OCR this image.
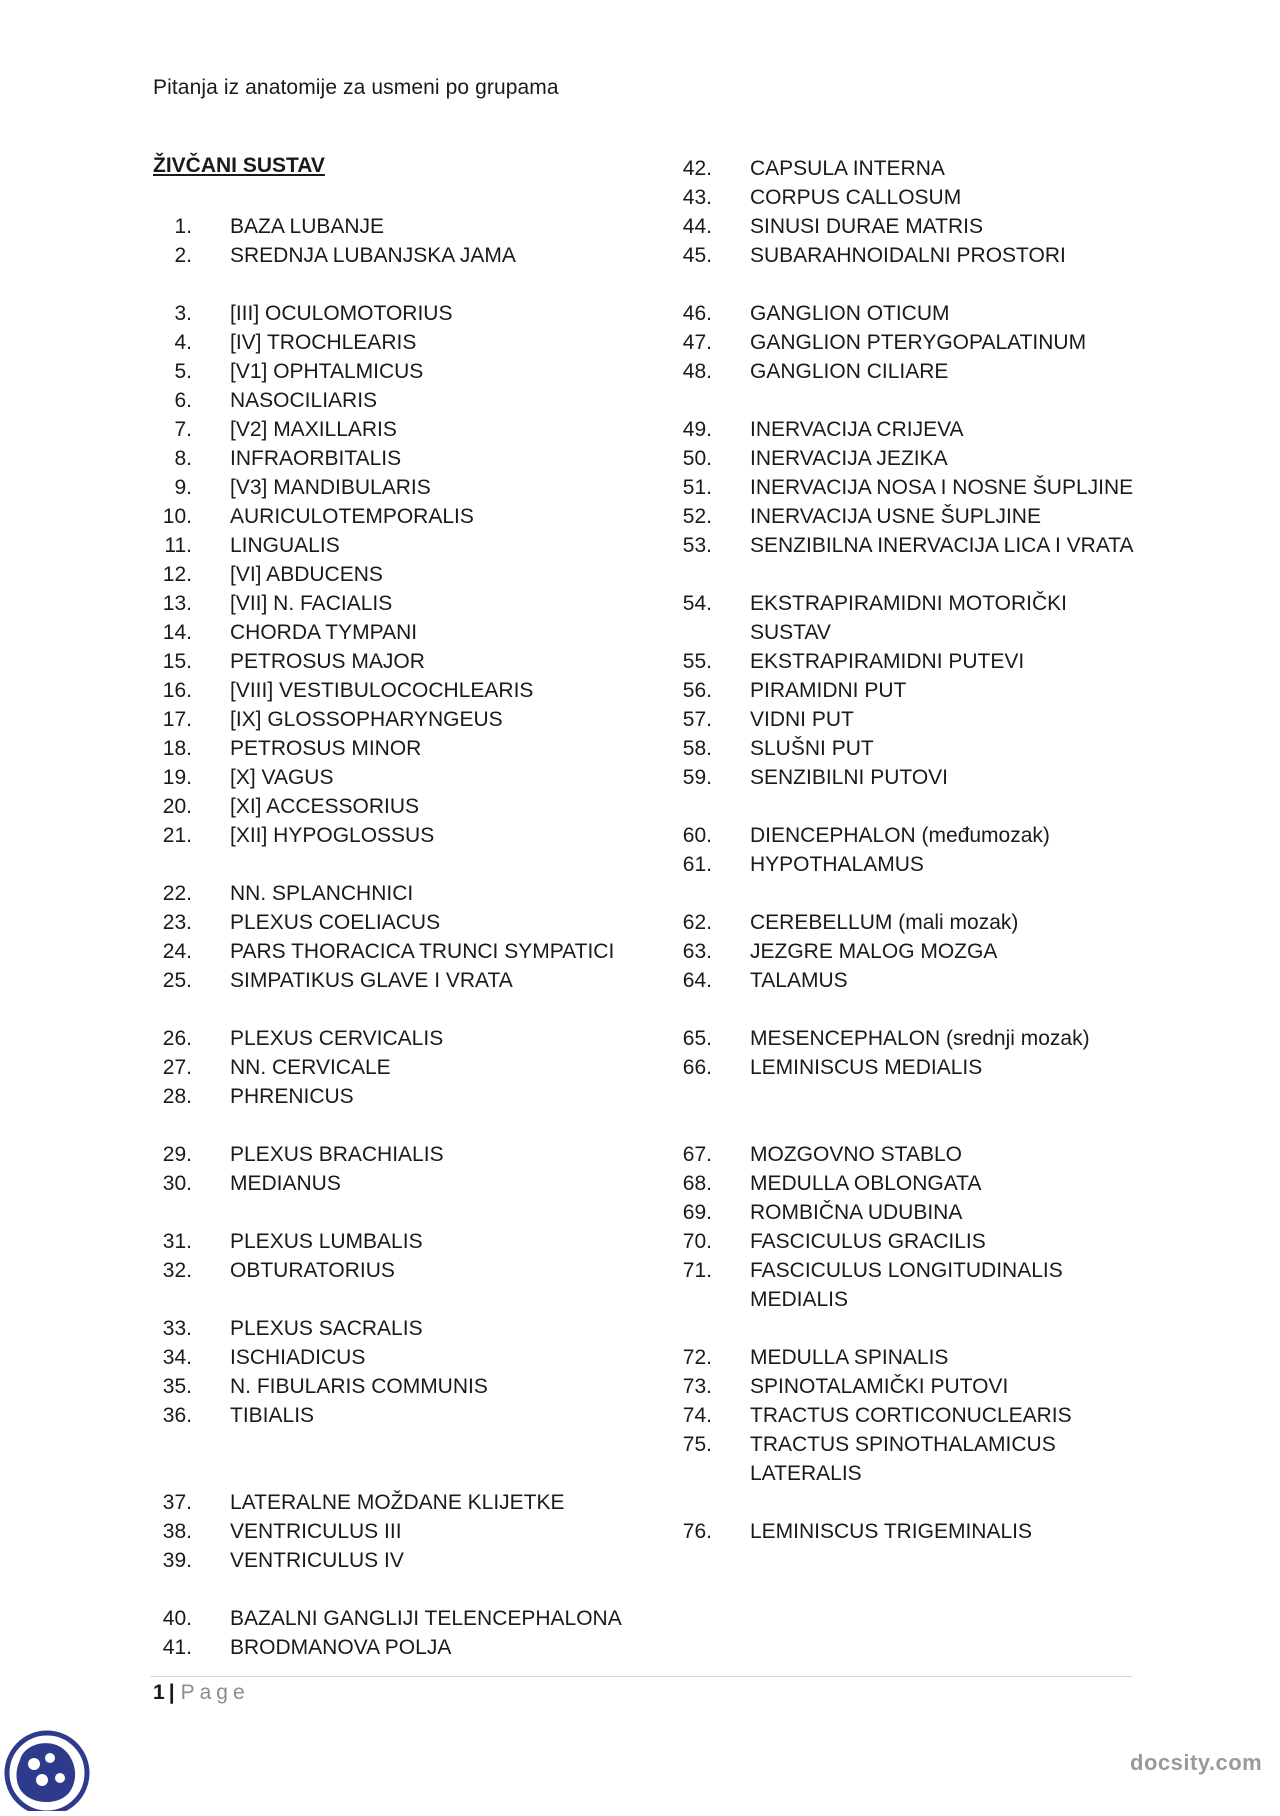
Pitanja iz anatomije za usmeni po grupama
ŽIVČANI SUSTAV
1. BAZA LUBANJE
2. SREDNJA LUBANJSKA JAMA
3. [III] OCULOMOTORIUS
4. [IV] TROCHLEARIS
5. [V1] OPHTALMICUS
6. NASOCILIARIS
7. [V2] MAXILLARIS
8. INFRAORBITALIS
9. [V3] MANDIBULARIS
10. AURICULOTEMPORALIS
11. LINGUALIS
12. [VI] ABDUCENS
13. [VII] N. FACIALIS
14. CHORDA TYMPANI
15. PETROSUS MAJOR
16. [VIII] VESTIBULOCOCHLEARIS
17. [IX] GLOSSOPHARYNGEUS
18. PETROSUS MINOR
19. [X] VAGUS
20. [XI] ACCESSORIUS
21. [XII] HYPOGLOSSUS
22. NN. SPLANCHNICI
23. PLEXUS COELIACUS
24. PARS THORACICA TRUNCI SYMPATICI
25. SIMPATIKUS GLAVE I VRATA
26. PLEXUS CERVICALIS
27. NN. CERVICALE
28. PHRENICUS
29. PLEXUS BRACHIALIS
30. MEDIANUS
31. PLEXUS LUMBALIS
32. OBTURATORIUS
33. PLEXUS SACRALIS
34. ISCHIADICUS
35. N. FIBULARIS COMMUNIS
36. TIBIALIS
37. LATERALNE MOŽDANE KLIJETKE
38. VENTRICULUS III
39. VENTRICULUS IV
40. BAZALNI GANGLIJI TELENCEPHALONA
41. BRODMANOVA POLJA
42. CAPSULA INTERNA
43. CORPUS CALLOSUM
44. SINUSI DURAE MATRIS
45. SUBARAHNOIDALNI PROSTORI
46. GANGLION OTICUM
47. GANGLION PTERYGOPALATINUM
48. GANGLION CILIARE
49. INERVACIJA CRIJEVA
50. INERVACIJA JEZIKA
51. INERVACIJA NOSA I NOSNE ŠUPLJINE
52. INERVACIJA USNE ŠUPLJINE
53. SENZIBILNA INERVACIJA LICA I VRATA
54. EKSTRAPIRAMIDNI MOTORIČKI
SUSTAV
55. EKSTRAPIRAMIDNI PUTEVI
56. PIRAMIDNI PUT
57. VIDNI PUT
58. SLUŠNI PUT
59. SENZIBILNI PUTOVI
60. DIENCEPHALON (međumozak)
61. HYPOTHALAMUS
62. CEREBELLUM (mali mozak)
63. JEZGRE MALOG MOZGA
64. TALAMUS
65. MESENCEPHALON (srednji mozak)
66. LEMINISCUS MEDIALIS
67. MOZGOVNO STABLO
68. MEDULLA OBLONGATA
69. ROMBIČNA UDUBINA
70. FASCICULUS GRACILIS
71. FASCICULUS LONGITUDINALIS
MEDIALIS
72. MEDULLA SPINALIS
73. SPINOTALAMIČKI PUTOVI
74. TRACTUS CORTICONUCLEARIS
75. TRACTUS SPINOTHALAMICUS
LATERALIS
76. LEMINISCUS TRIGEMINALIS
1 | Page
docsity.com
